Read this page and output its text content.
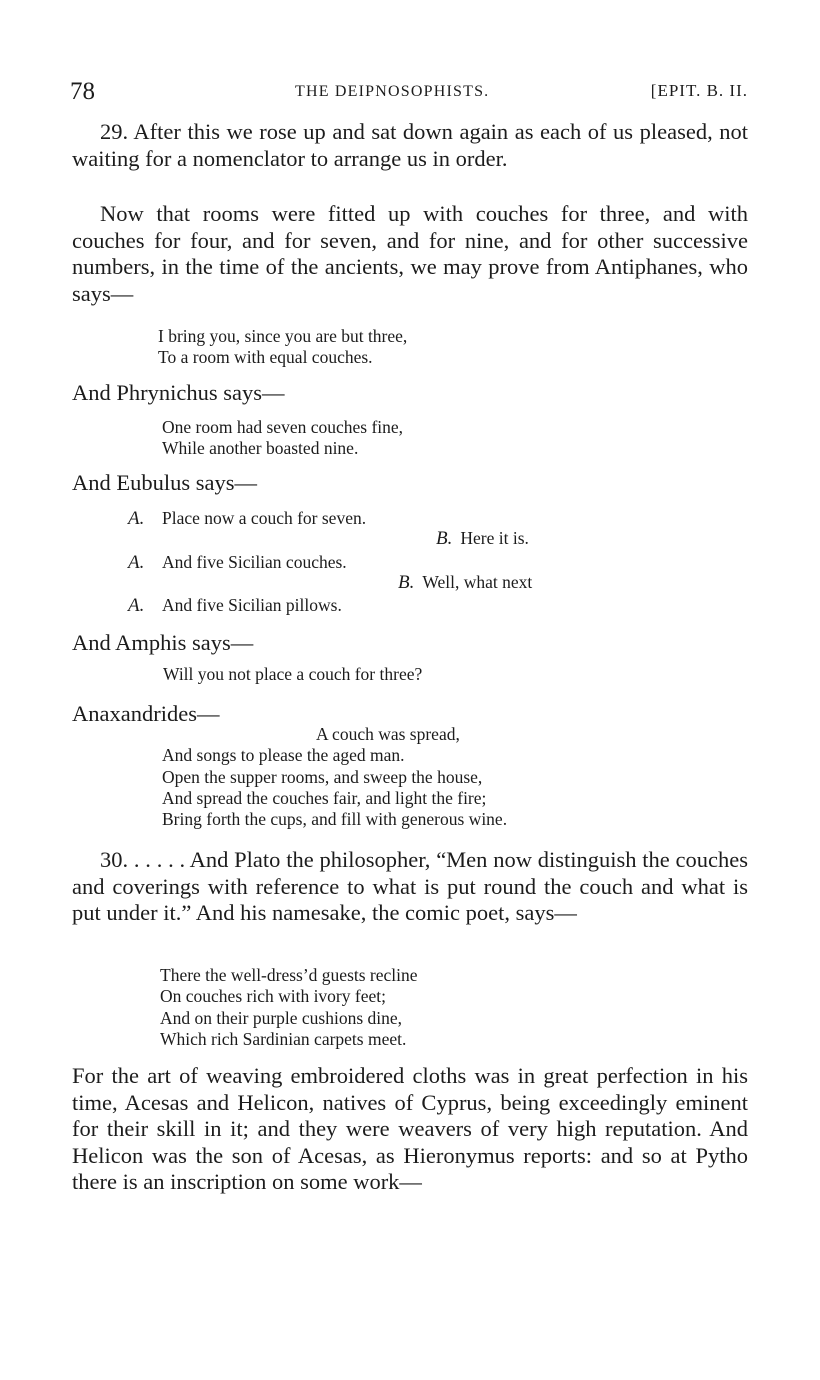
78	THE DEIPNOSOPHISTS.	[EPIT. B. II.

29. After this we rose up and sat down again as each of us pleased, not waiting for a nomenclator to arrange us in order.

Now that rooms were fitted up with couches for three, and with couches for four, and for seven, and for nine, and for other successive numbers, in the time of the ancients, we may prove from Antiphanes, who says—

I bring you, since you are but three,
To a room with equal couches.

And Phrynichus says—

One room had seven couches fine,
While another boasted nine.

And Eubulus says—

A. Place now a couch for seven.
B. Here it is.
A. And five Sicilian couches.
B. Well, what next
A. And five Sicilian pillows.

And Amphis says—

Will you not place a couch for three?

Anaxandrides—

A couch was spread,
And songs to please the aged man.
Open the supper rooms, and sweep the house,
And spread the couches fair, and light the fire;
Bring forth the cups, and fill with generous wine.

30. . . . . . And Plato the philosopher, “Men now distinguish the couches and coverings with reference to what is put round the couch and what is put under it.” And his namesake, the comic poet, says—

There the well-dress’d guests recline
On couches rich with ivory feet;
And on their purple cushions dine,
Which rich Sardinian carpets meet.

For the art of weaving embroidered cloths was in great perfection in his time, Acesas and Helicon, natives of Cyprus, being exceedingly eminent for their skill in it; and they were weavers of very high reputation. And Helicon was the son of Acesas, as Hieronymus reports: and so at Pytho there is an inscription on some work—
